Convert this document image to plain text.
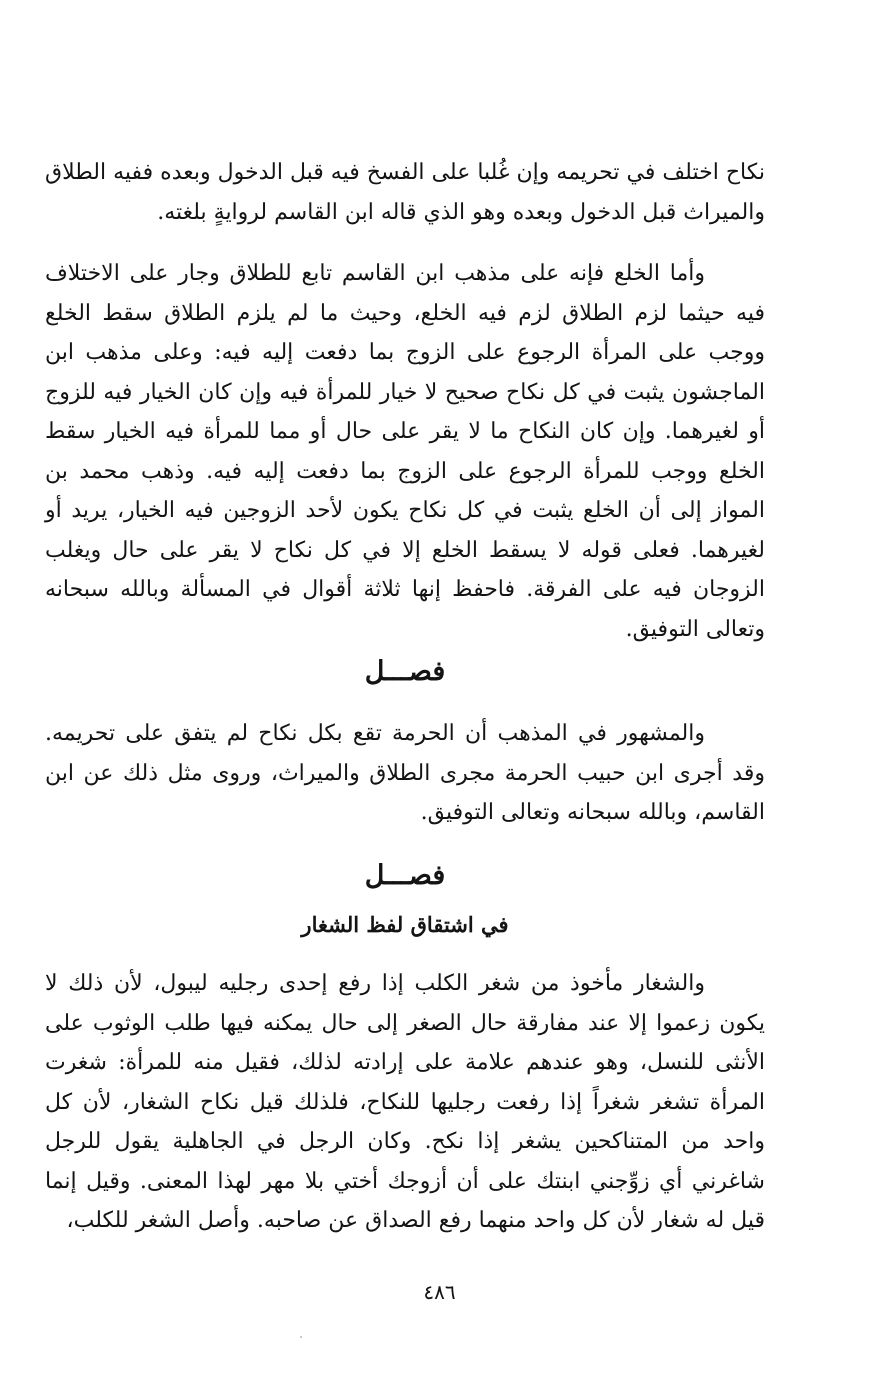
نكاح اختلف في تحريمه وإن غُلبا على الفسخ فيه قبل الدخول وبعده ففيه الطلاق والميراث قبل الدخول وبعده وهو الذي قاله ابن القاسم لروايةٍ بلغته.

وأما الخلع فإنه على مذهب ابن القاسم تابع للطلاق وجار على الاختلاف فيه حيثما لزم الطلاق لزم فيه الخلع، وحيث ما لم يلزم الطلاق سقط الخلع ووجب على المرأة الرجوع على الزوج بما دفعت إليه فيه: وعلى مذهب ابن الماجشون يثبت في كل نكاح صحيح لا خيار للمرأة فيه وإن كان الخيار فيه للزوج أو لغيرهما. وإن كان النكاح ما لا يقر على حال أو مما للمرأة فيه الخيار سقط الخلع ووجب للمرأة الرجوع على الزوج بما دفعت إليه فيه. وذهب محمد بن المواز إلى أن الخلع يثبت في كل نكاح يكون لأحد الزوجين فيه الخيار، يريد أو لغيرهما. فعلى قوله لا يسقط الخلع إلا في كل نكاح لا يقر على حال ويغلب الزوجان فيه على الفرقة. فاحفظ إنها ثلاثة أقوال في المسألة وبالله سبحانه وتعالى التوفيق.

فصـــل

والمشهور في المذهب أن الحرمة تقع بكل نكاح لم يتفق على تحريمه. وقد أجرى ابن حبيب الحرمة مجرى الطلاق والميراث، وروى مثل ذلك عن ابن القاسم، وبالله سبحانه وتعالى التوفيق.

فصـــل
في اشتقاق لفظ الشغار

والشغار مأخوذ من شغر الكلب إذا رفع إحدى رجليه ليبول، لأن ذلك لا يكون زعموا إلا عند مفارقة حال الصغر إلى حال يمكنه فيها طلب الوثوب على الأنثى للنسل، وهو عندهم علامة على إرادته لذلك، فقيل منه للمرأة: شغرت المرأة تشغر شغراً إذا رفعت رجليها للنكاح، فلذلك قيل نكاح الشغار، لأن كل واحد من المتناكحين يشغر إذا نكح. وكان الرجل في الجاهلية يقول للرجل شاغرني أي زوِّجني ابنتك على أن أزوجك أختي بلا مهر لهذا المعنى. وقيل إنما قيل له شغار لأن كل واحد منهما رفع الصداق عن صاحبه. وأصل الشغر للكلب،

٤٨٦
